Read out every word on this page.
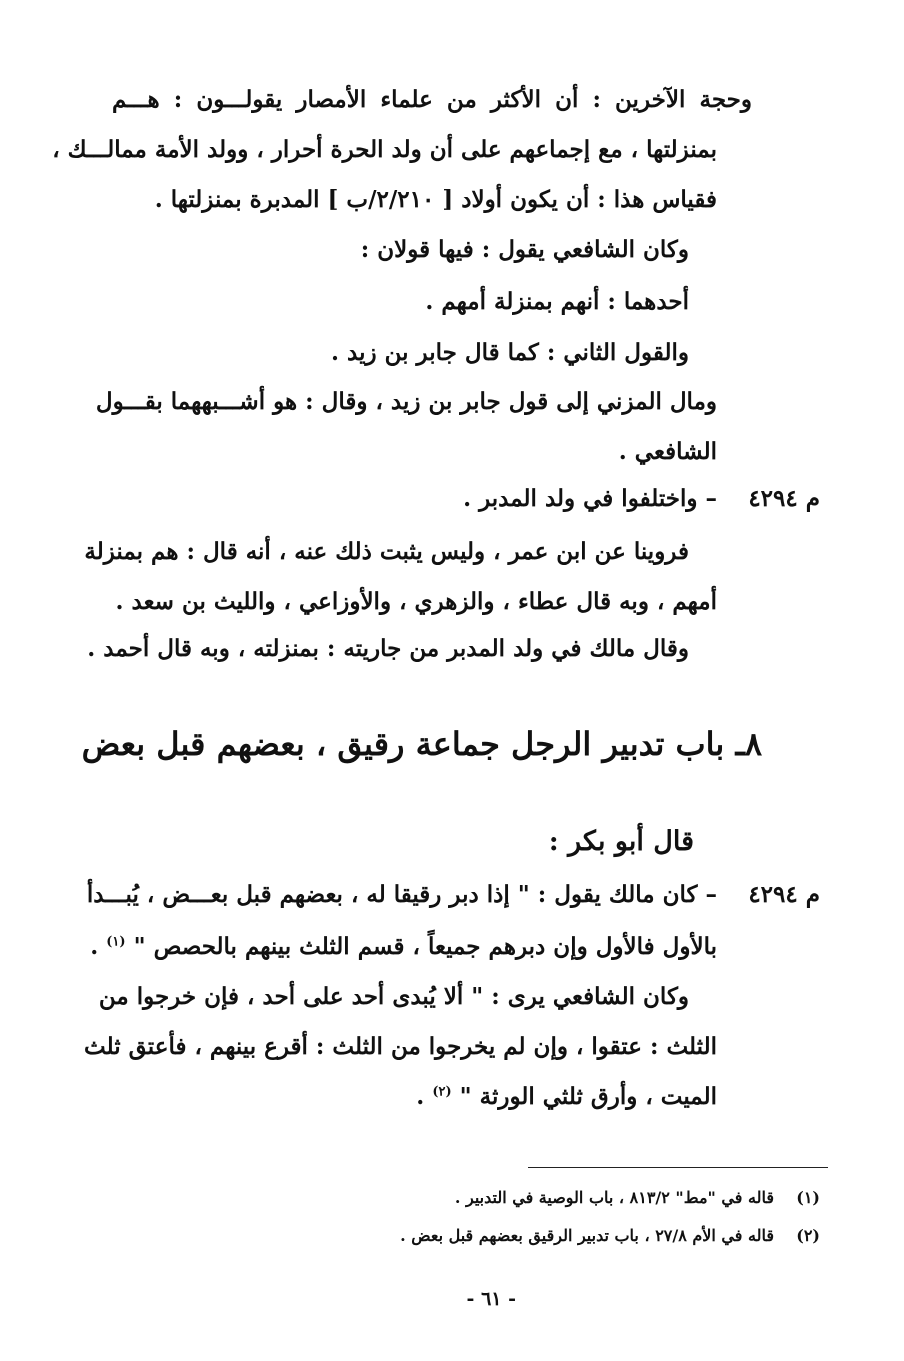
وحجة الآخرين : أن الأكثر من علماء الأمصار يقولـــون : هـــم
بمنزلتها ، مع إجماعهم على أن ولد الحرة أحرار ، وولد الأمة ممالـــك ،
فقياس هذا : أن يكون أولاد [ ٢/٢١٠/ب ] المدبرة بمنزلتها .
وكان الشافعي يقول : فيها قولان :
أحدهما : أنهم بمنزلة أمهم .
والقول الثاني : كما قال جابر بن زيد .
ومال المزني إلى قول جابر بن زيد ، وقال : هو أشـــبههما بقـــول
الشافعي .
م ٤٢٩٤
– واختلفوا في ولد المدبر .
فروينا عن ابن عمر ، وليس يثبت ذلك عنه ، أنه قال : هم بمنزلة
أمهم ، وبه قال عطاء ، والزهري ، والأوزاعي ، والليث بن سعد .
وقال مالك في ولد المدبر من جاريته : بمنزلته ، وبه قال أحمد .
٨ـ باب تدبير الرجل جماعة رقيق ، بعضهم قبل بعض
قال أبو بكر :
م ٤٢٩٤
– كان مالك يقول : " إذا دبر رقيقا له ، بعضهم قبل بعـــض ، يُبـــدأ
بالأول فالأول وإن دبرهم جميعاً ، قسم الثلث بينهم بالحصص " $^{(١)}$ .
وكان الشافعي يرى : " ألا يُبدى أحد على أحد ، فإن خرجوا من
الثلث : عتقوا ، وإن لم يخرجوا من الثلث : أقرع بينهم ، فأعتق ثلث
الميت ، وأرق ثلثي الورثة " $^{(٢)}$ .
(١)    قاله في "مط" ٨١٣/٢ ، باب الوصية في التدبير .
(٢)    قاله في الأم ٢٧/٨ ، باب تدبير الرقيق بعضهم قبل بعض .
- ٦١ -
